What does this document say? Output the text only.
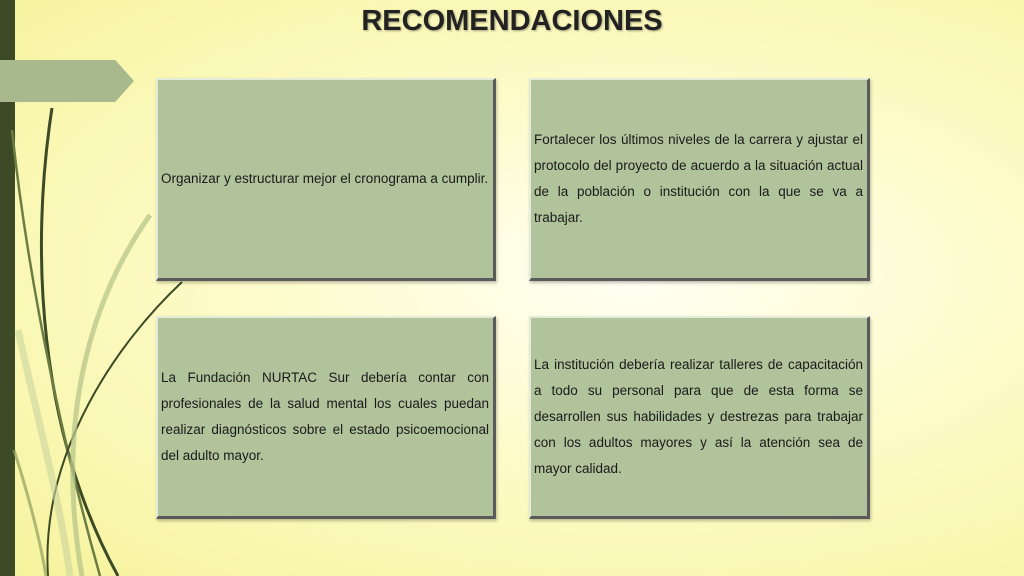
RECOMENDACIONES

Organizar y estructurar mejor el cronograma a cumplir.

Fortalecer los últimos niveles de la carrera y ajustar el protocolo del proyecto de acuerdo a la situación actual de la población o institución con la que se va a trabajar.

La Fundación NURTAC Sur debería contar con profesionales de la salud mental los cuales puedan realizar diagnósticos sobre el estado psicoemocional del adulto mayor.

La institución debería realizar talleres de capacitación a todo su personal para que de esta forma se desarrollen sus habilidades y destrezas para trabajar con los adultos mayores y así la atención sea de mayor calidad.
